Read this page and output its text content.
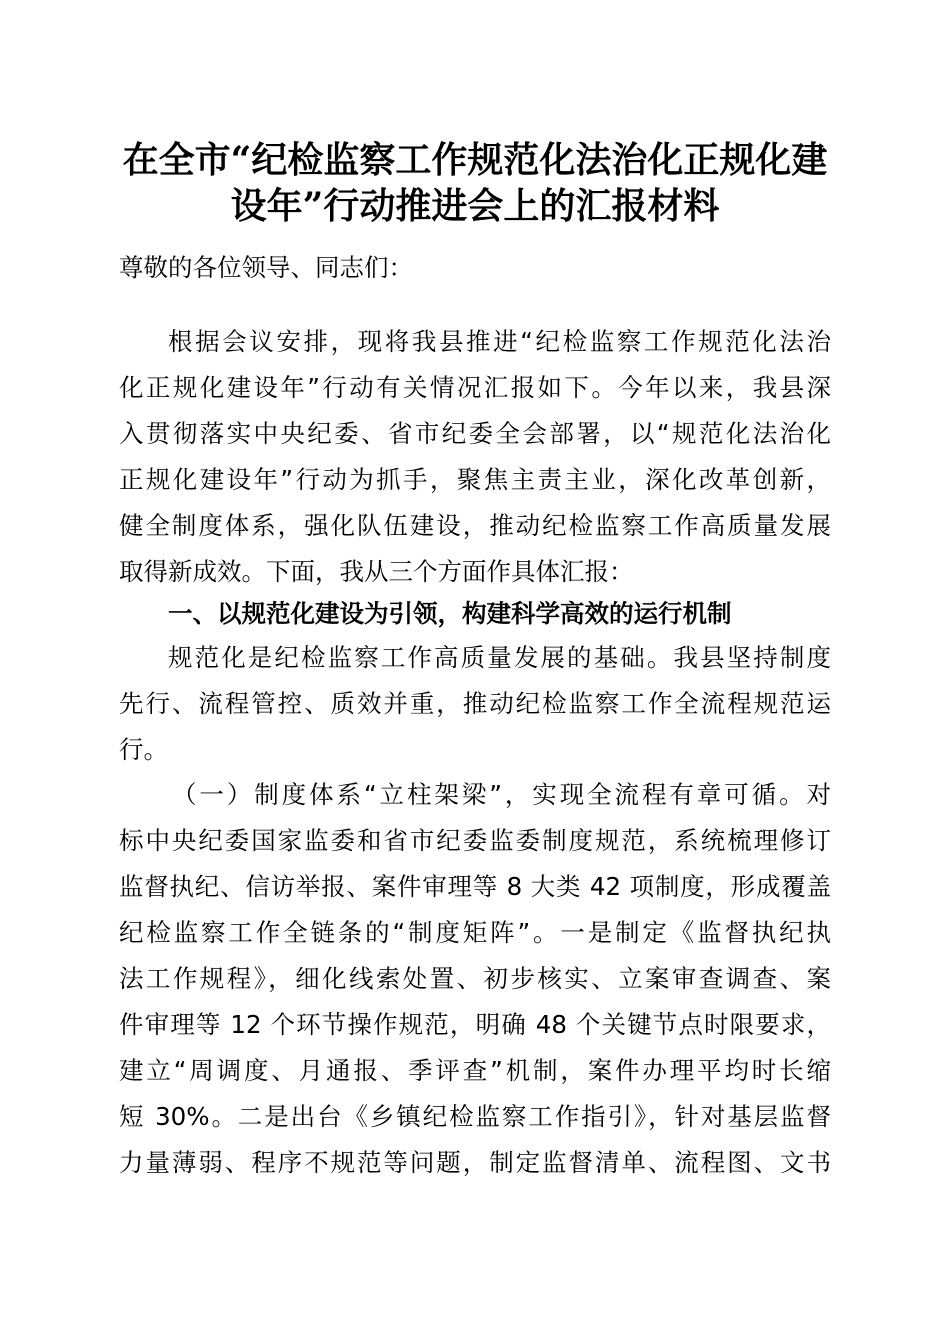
在全市“纪检监察工作规范化法治化正规化建
设年”行动推进会上的汇报材料
尊敬的各位领导、同志们：
根据会议安排，现将我县推进“纪检监察工作规范化法治
化正规化建设年”行动有关情况汇报如下。今年以来，我县深
入贯彻落实中央纪委、省市纪委全会部署，以“规范化法治化
正规化建设年”行动为抓手，聚焦主责主业，深化改革创新，
健全制度体系，强化队伍建设，推动纪检监察工作高质量发展
取得新成效。下面，我从三个方面作具体汇报：
一、以规范化建设为引领，构建科学高效的运行机制
规范化是纪检监察工作高质量发展的基础。我县坚持制度
先行、流程管控、质效并重，推动纪检监察工作全流程规范运
行。
（一）制度体系“立柱架梁”，实现全流程有章可循。对
标中央纪委国家监委和省市纪委监委制度规范，系统梳理修订
监督执纪、信访举报、案件审理等 8 大类 42 项制度，形成覆盖
纪检监察工作全链条的“制度矩阵”。一是制定《监督执纪执
法工作规程》，细化线索处置、初步核实、立案审查调查、案
件审理等 12 个环节操作规范，明确 48 个关键节点时限要求，
建立“周调度、月通报、季评查”机制，案件办理平均时长缩
短 30%。二是出台《乡镇纪检监察工作指引》，针对基层监督
力量薄弱、程序不规范等问题，制定监督清单、流程图、文书
